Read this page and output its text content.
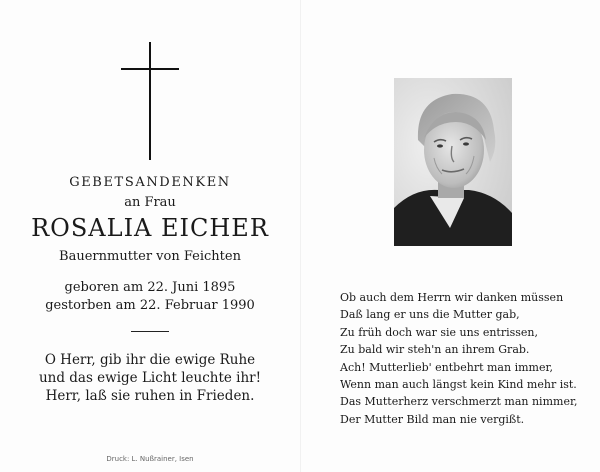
GEBETSANDENKEN
an Frau
ROSALIA EICHER
Bauernmutter von Feichten
geboren am 22. Juni 1895
gestorben am 22. Februar 1990
O Herr, gib ihr die ewige Ruhe
und das ewige Licht leuchte ihr!
Herr, laß sie ruhen in Frieden.
Druck: L. Nußrainer, Isen
Ob auch dem Herrn wir danken müssen
Daß lang er uns die Mutter gab,
Zu früh doch war sie uns entrissen,
Zu bald wir steh'n an ihrem Grab.
Ach! Mutterlieb' entbehrt man immer,
Wenn man auch längst kein Kind mehr ist.
Das Mutterherz verschmerzt man nimmer,
Der Mutter Bild man nie vergißt.
